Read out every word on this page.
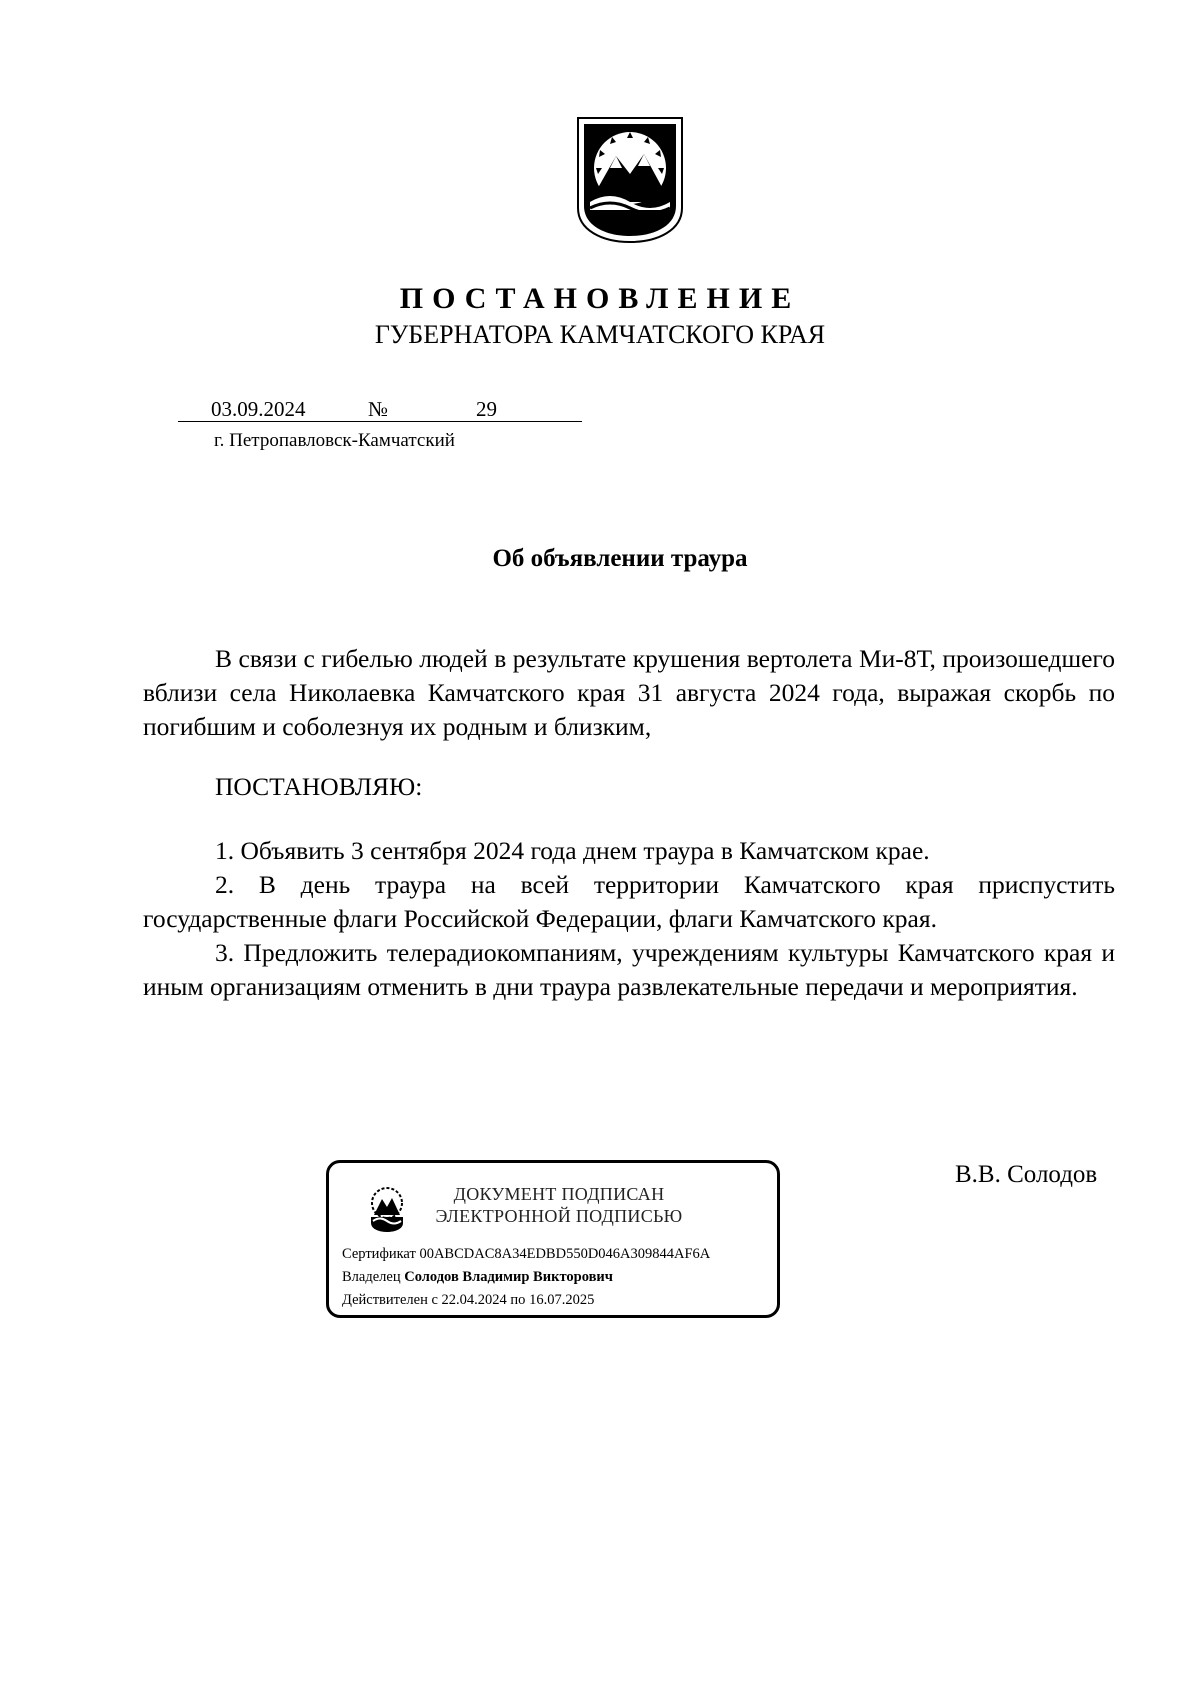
ПОСТАНОВЛЕНИЕ
ГУБЕРНАТОРА КАМЧАТСКОГО КРАЯ
03.09.2024	№	29
г. Петропавловск-Камчатский
Об объявлении траура

В связи с гибелью людей в результате крушения вертолета Ми-8Т, произошедшего вблизи села Николаевка Камчатского края 31 августа 2024 года, выражая скорбь по погибшим и соболезнуя их родным и близким,

ПОСТАНОВЛЯЮ:

1. Объявить 3 сентября 2024 года днем траура в Камчатском крае.

2. В день траура на всей территории Камчатского края приспустить государственные флаги Российской Федерации, флаги Камчатского края.

3. Предложить телерадиокомпаниям, учреждениям культуры Камчатского края и иным организациям отменить в дни траура развлекательные передачи и мероприятия.

В.В. Солодов
ДОКУМЕНТ ПОДПИСАН
ЭЛЕКТРОННОЙ ПОДПИСЬЮ
Сертификат 00ABCDAC8A34EDBD550D046A309844AF6A
Владелец Солодов Владимир Викторович
Действителен с 22.04.2024 по 16.07.2025
